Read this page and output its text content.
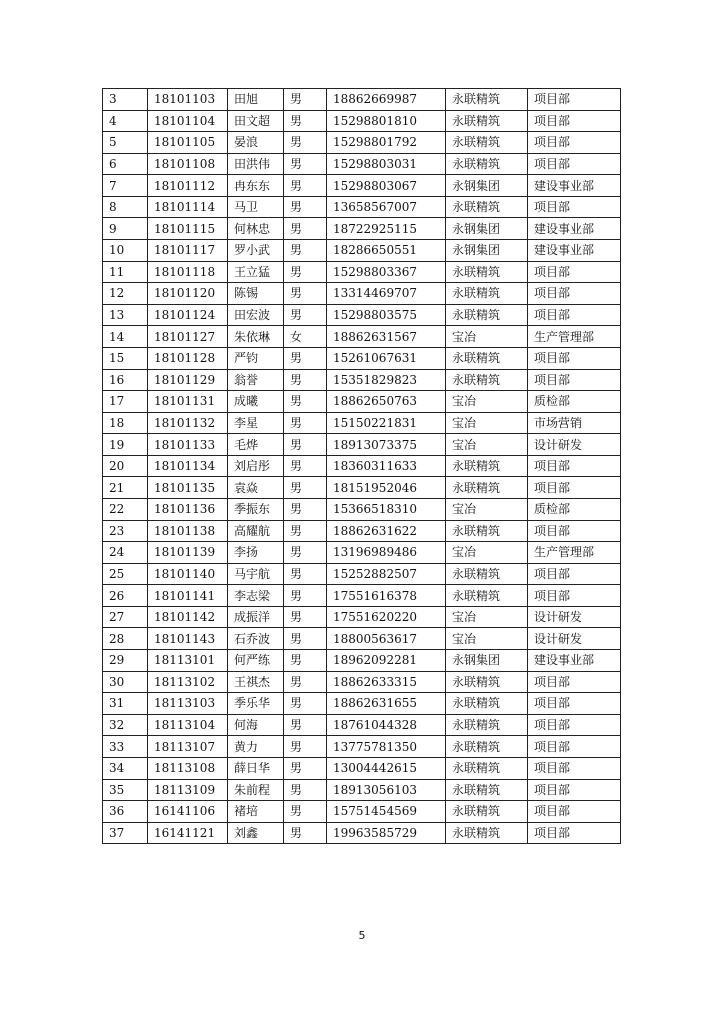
3	18101103	田旭	男	18862669987	永联精筑	项目部
4	18101104	田文超	男	15298801810	永联精筑	项目部
5	18101105	晏浪	男	15298801792	永联精筑	项目部
6	18101108	田洪伟	男	15298803031	永联精筑	项目部
7	18101112	冉东东	男	15298803067	永钢集团	建设事业部
8	18101114	马卫	男	13658567007	永联精筑	项目部
9	18101115	何林忠	男	18722925115	永钢集团	建设事业部
10	18101117	罗小武	男	18286650551	永钢集团	建设事业部
11	18101118	王立猛	男	15298803367	永联精筑	项目部
12	18101120	陈锡	男	13314469707	永联精筑	项目部
13	18101124	田宏波	男	15298803575	永联精筑	项目部
14	18101127	朱依琳	女	18862631567	宝冶	生产管理部
15	18101128	严钧	男	15261067631	永联精筑	项目部
16	18101129	翁誉	男	15351829823	永联精筑	项目部
17	18101131	成曦	男	18862650763	宝冶	质检部
18	18101132	李星	男	15150221831	宝冶	市场营销
19	18101133	毛烨	男	18913073375	宝冶	设计研发
20	18101134	刘启彤	男	18360311633	永联精筑	项目部
21	18101135	袁焱	男	18151952046	永联精筑	项目部
22	18101136	季振东	男	15366518310	宝冶	质检部
23	18101138	高耀航	男	18862631622	永联精筑	项目部
24	18101139	李扬	男	13196989486	宝冶	生产管理部
25	18101140	马宇航	男	15252882507	永联精筑	项目部
26	18101141	李志梁	男	17551616378	永联精筑	项目部
27	18101142	成振洋	男	17551620220	宝冶	设计研发
28	18101143	石乔波	男	18800563617	宝冶	设计研发
29	18113101	何严练	男	18962092281	永钢集团	建设事业部
30	18113102	王祺杰	男	18862633315	永联精筑	项目部
31	18113103	季乐华	男	18862631655	永联精筑	项目部
32	18113104	何海	男	18761044328	永联精筑	项目部
33	18113107	黄力	男	13775781350	永联精筑	项目部
34	18113108	薛日华	男	13004442615	永联精筑	项目部
35	18113109	朱前程	男	18913056103	永联精筑	项目部
36	16141106	褚培	男	15751454569	永联精筑	项目部
37	16141121	刘鑫	男	19963585729	永联精筑	项目部
5
